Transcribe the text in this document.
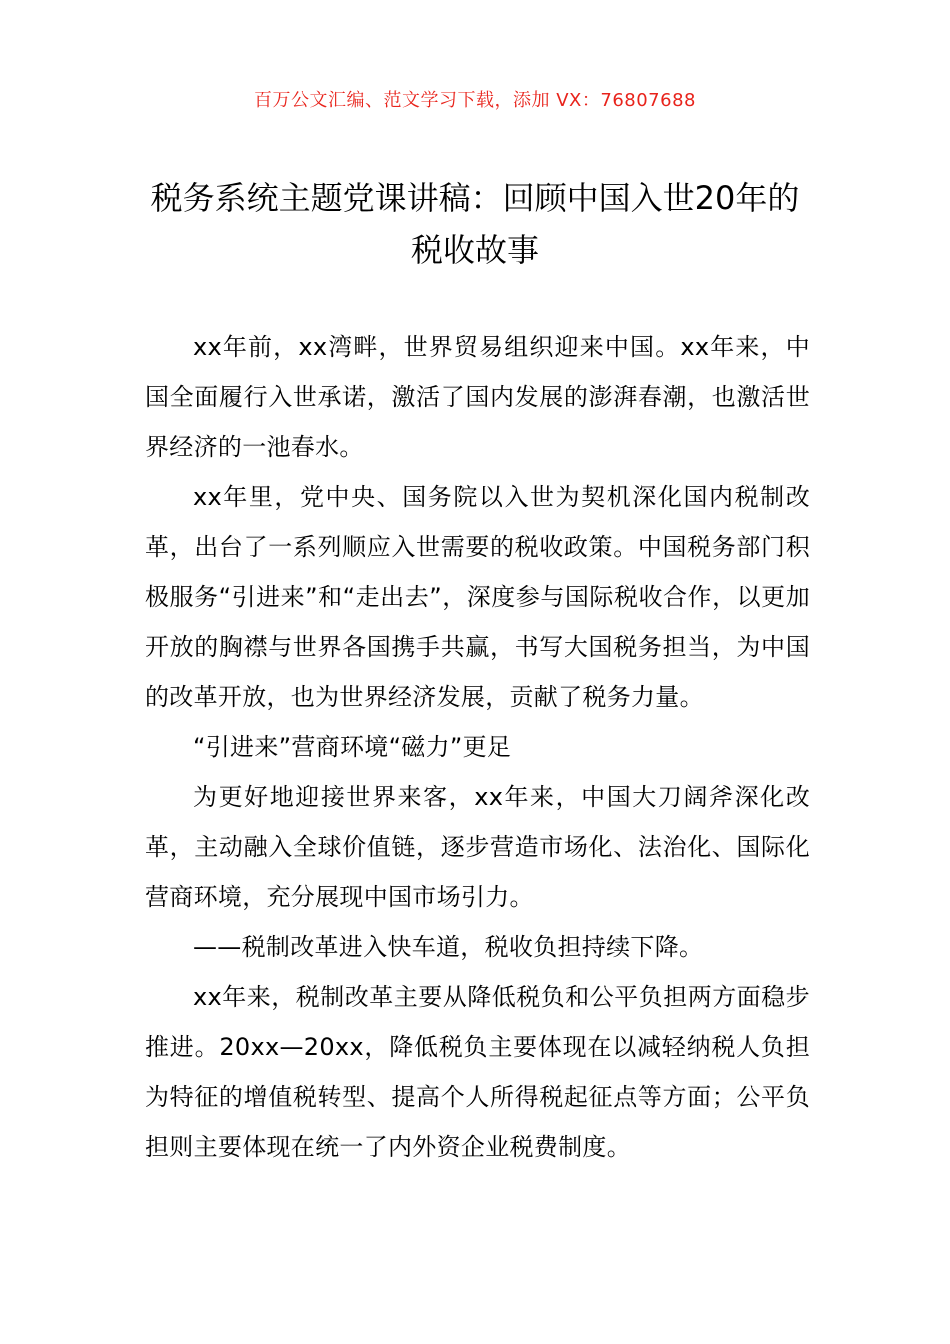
百万公文汇编、范文学习下载，添加 VX：76807688
税务系统主题党课讲稿：回顾中国入世20年的税收故事

xx年前，xx湾畔，世界贸易组织迎来中国。xx年来，中国全面履行入世承诺，激活了国内发展的澎湃春潮，也激活世界经济的一池春水。

xx年里，党中央、国务院以入世为契机深化国内税制改革，出台了一系列顺应入世需要的税收政策。中国税务部门积极服务“引进来”和“走出去”，深度参与国际税收合作，以更加开放的胸襟与世界各国携手共赢，书写大国税务担当，为中国的改革开放，也为世界经济发展，贡献了税务力量。

“引进来”营商环境“磁力”更足

为更好地迎接世界来客，xx年来，中国大刀阔斧深化改革，主动融入全球价值链，逐步营造市场化、法治化、国际化营商环境，充分展现中国市场引力。

——税制改革进入快车道，税收负担持续下降。

xx年来，税制改革主要从降低税负和公平负担两方面稳步推进。20xx—20xx，降低税负主要体现在以减轻纳税人负担为特征的增值税转型、提高个人所得税起征点等方面；公平负担则主要体现在统一了内外资企业税费制度。
